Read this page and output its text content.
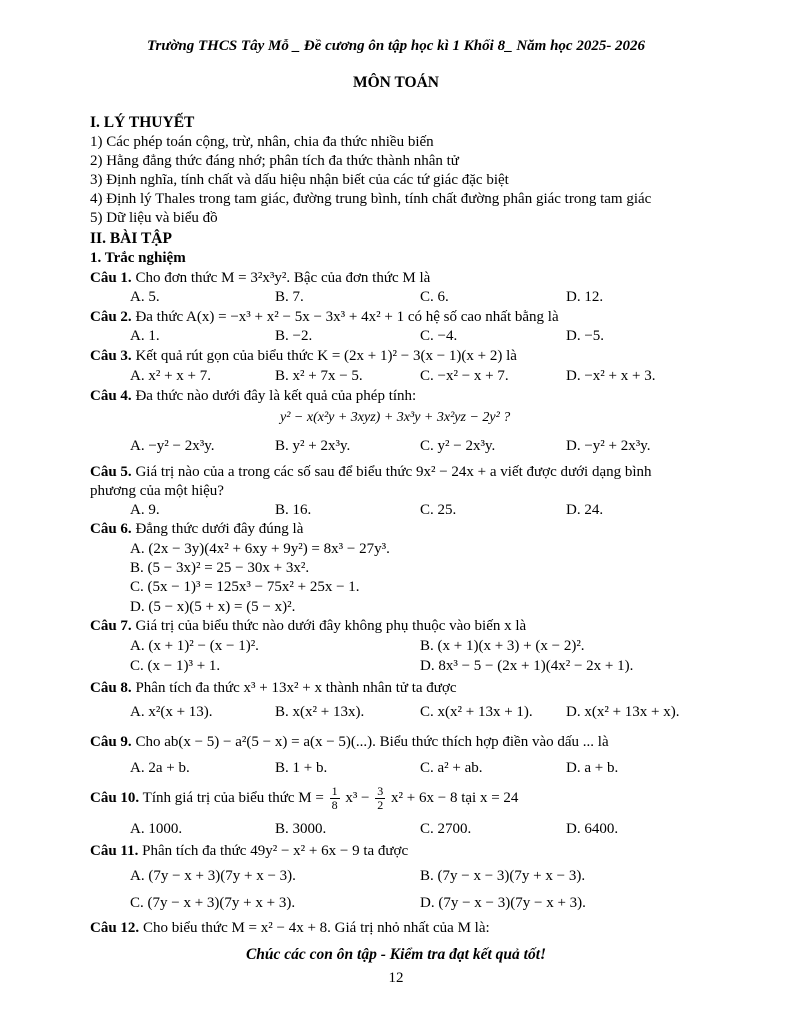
Trường THCS Tây Mỗ _ Đề cương ôn tập học kì 1 Khối 8_ Năm học 2025- 2026
MÔN TOÁN
I. LÝ THUYẾT
1) Các phép toán cộng, trừ, nhân, chia đa thức nhiều biến
2) Hằng đẳng thức đáng nhớ; phân tích đa thức thành nhân tử
3) Định nghĩa, tính chất và dấu hiệu nhận biết của các tứ giác đặc biệt
4) Định lý Thales trong tam giác, đường trung bình, tính chất đường phân giác trong tam giác
5) Dữ liệu và biểu đồ
II. BÀI TẬP
1. Trắc nghiệm
Câu 1. Cho đơn thức M = 3²x³y². Bậc của đơn thức M là
A. 5.	B. 7.	C. 6.	D. 12.
Câu 2. Đa thức A(x) = −x³ + x² − 5x − 3x³ + 4x² + 1 có hệ số cao nhất bằng là
A. 1.	B. −2.	C. −4.	D. −5.
Câu 3. Kết quả rút gọn của biểu thức K = (2x + 1)² − 3(x − 1)(x + 2) là
A. x² + x + 7.	B. x² + 7x − 5.	C. −x² − x + 7.	D. −x² + x + 3.
Câu 4. Đa thức nào dưới đây là kết quả của phép tính:
y² − x(x²y + 3xyz) + 3x³y + 3x²yz − 2y² ?
A. −y² − 2x³y.	B. y² + 2x³y.	C. y² − 2x³y.	D. −y² + 2x³y.
Câu 5. Giá trị nào của a trong các số sau để biểu thức 9x² − 24x + a viết được dưới dạng bình
phương của một hiệu?
A. 9.	B. 16.	C. 25.	D. 24.
Câu 6. Đẳng thức dưới đây đúng là
A. (2x − 3y)(4x² + 6xy + 9y²) = 8x³ − 27y³.
B. (5 − 3x)² = 25 − 30x + 3x².
C. (5x − 1)³ = 125x³ − 75x² + 25x − 1.
D. (5 − x)(5 + x) = (5 − x)².
Câu 7. Giá trị của biểu thức nào dưới đây không phụ thuộc vào biến x là
A. (x + 1)² − (x − 1)².	B. (x + 1)(x + 3) + (x − 2)².
C. (x − 1)³ + 1.	D. 8x³ − 5 − (2x + 1)(4x² − 2x + 1).
Câu 8. Phân tích đa thức x³ + 13x² + x thành nhân tử ta được
A. x²(x + 13).	B. x(x² + 13x).	C. x(x² + 13x + 1). D. x(x² + 13x + x).
Câu 9. Cho ab(x − 5) − a²(5 − x) = a(x − 5)(...). Biểu thức thích hợp điền vào dấu ... là
A. 2a + b.	B. 1 + b.	C. a² + ab.	D. a + b.
Câu 10. Tính giá trị của biểu thức $M = \frac{1}{8} x^3 - \frac{3}{2} x^2 + 6x - 8$ tại x = 24
A. 1000.	B. 3000.	C. 2700.	D. 6400.
Câu 11. Phân tích đa thức 49y² − x² + 6x − 9 ta được
A. (7y − x + 3)(7y + x − 3).	B. (7y − x − 3)(7y + x − 3).
C. (7y − x + 3)(7y + x + 3).	D. (7y − x − 3)(7y − x + 3).
Câu 12. Cho biểu thức M = x² − 4x + 8. Giá trị nhỏ nhất của M là:
Chúc các con ôn tập - Kiểm tra đạt kết quả tốt!
12
